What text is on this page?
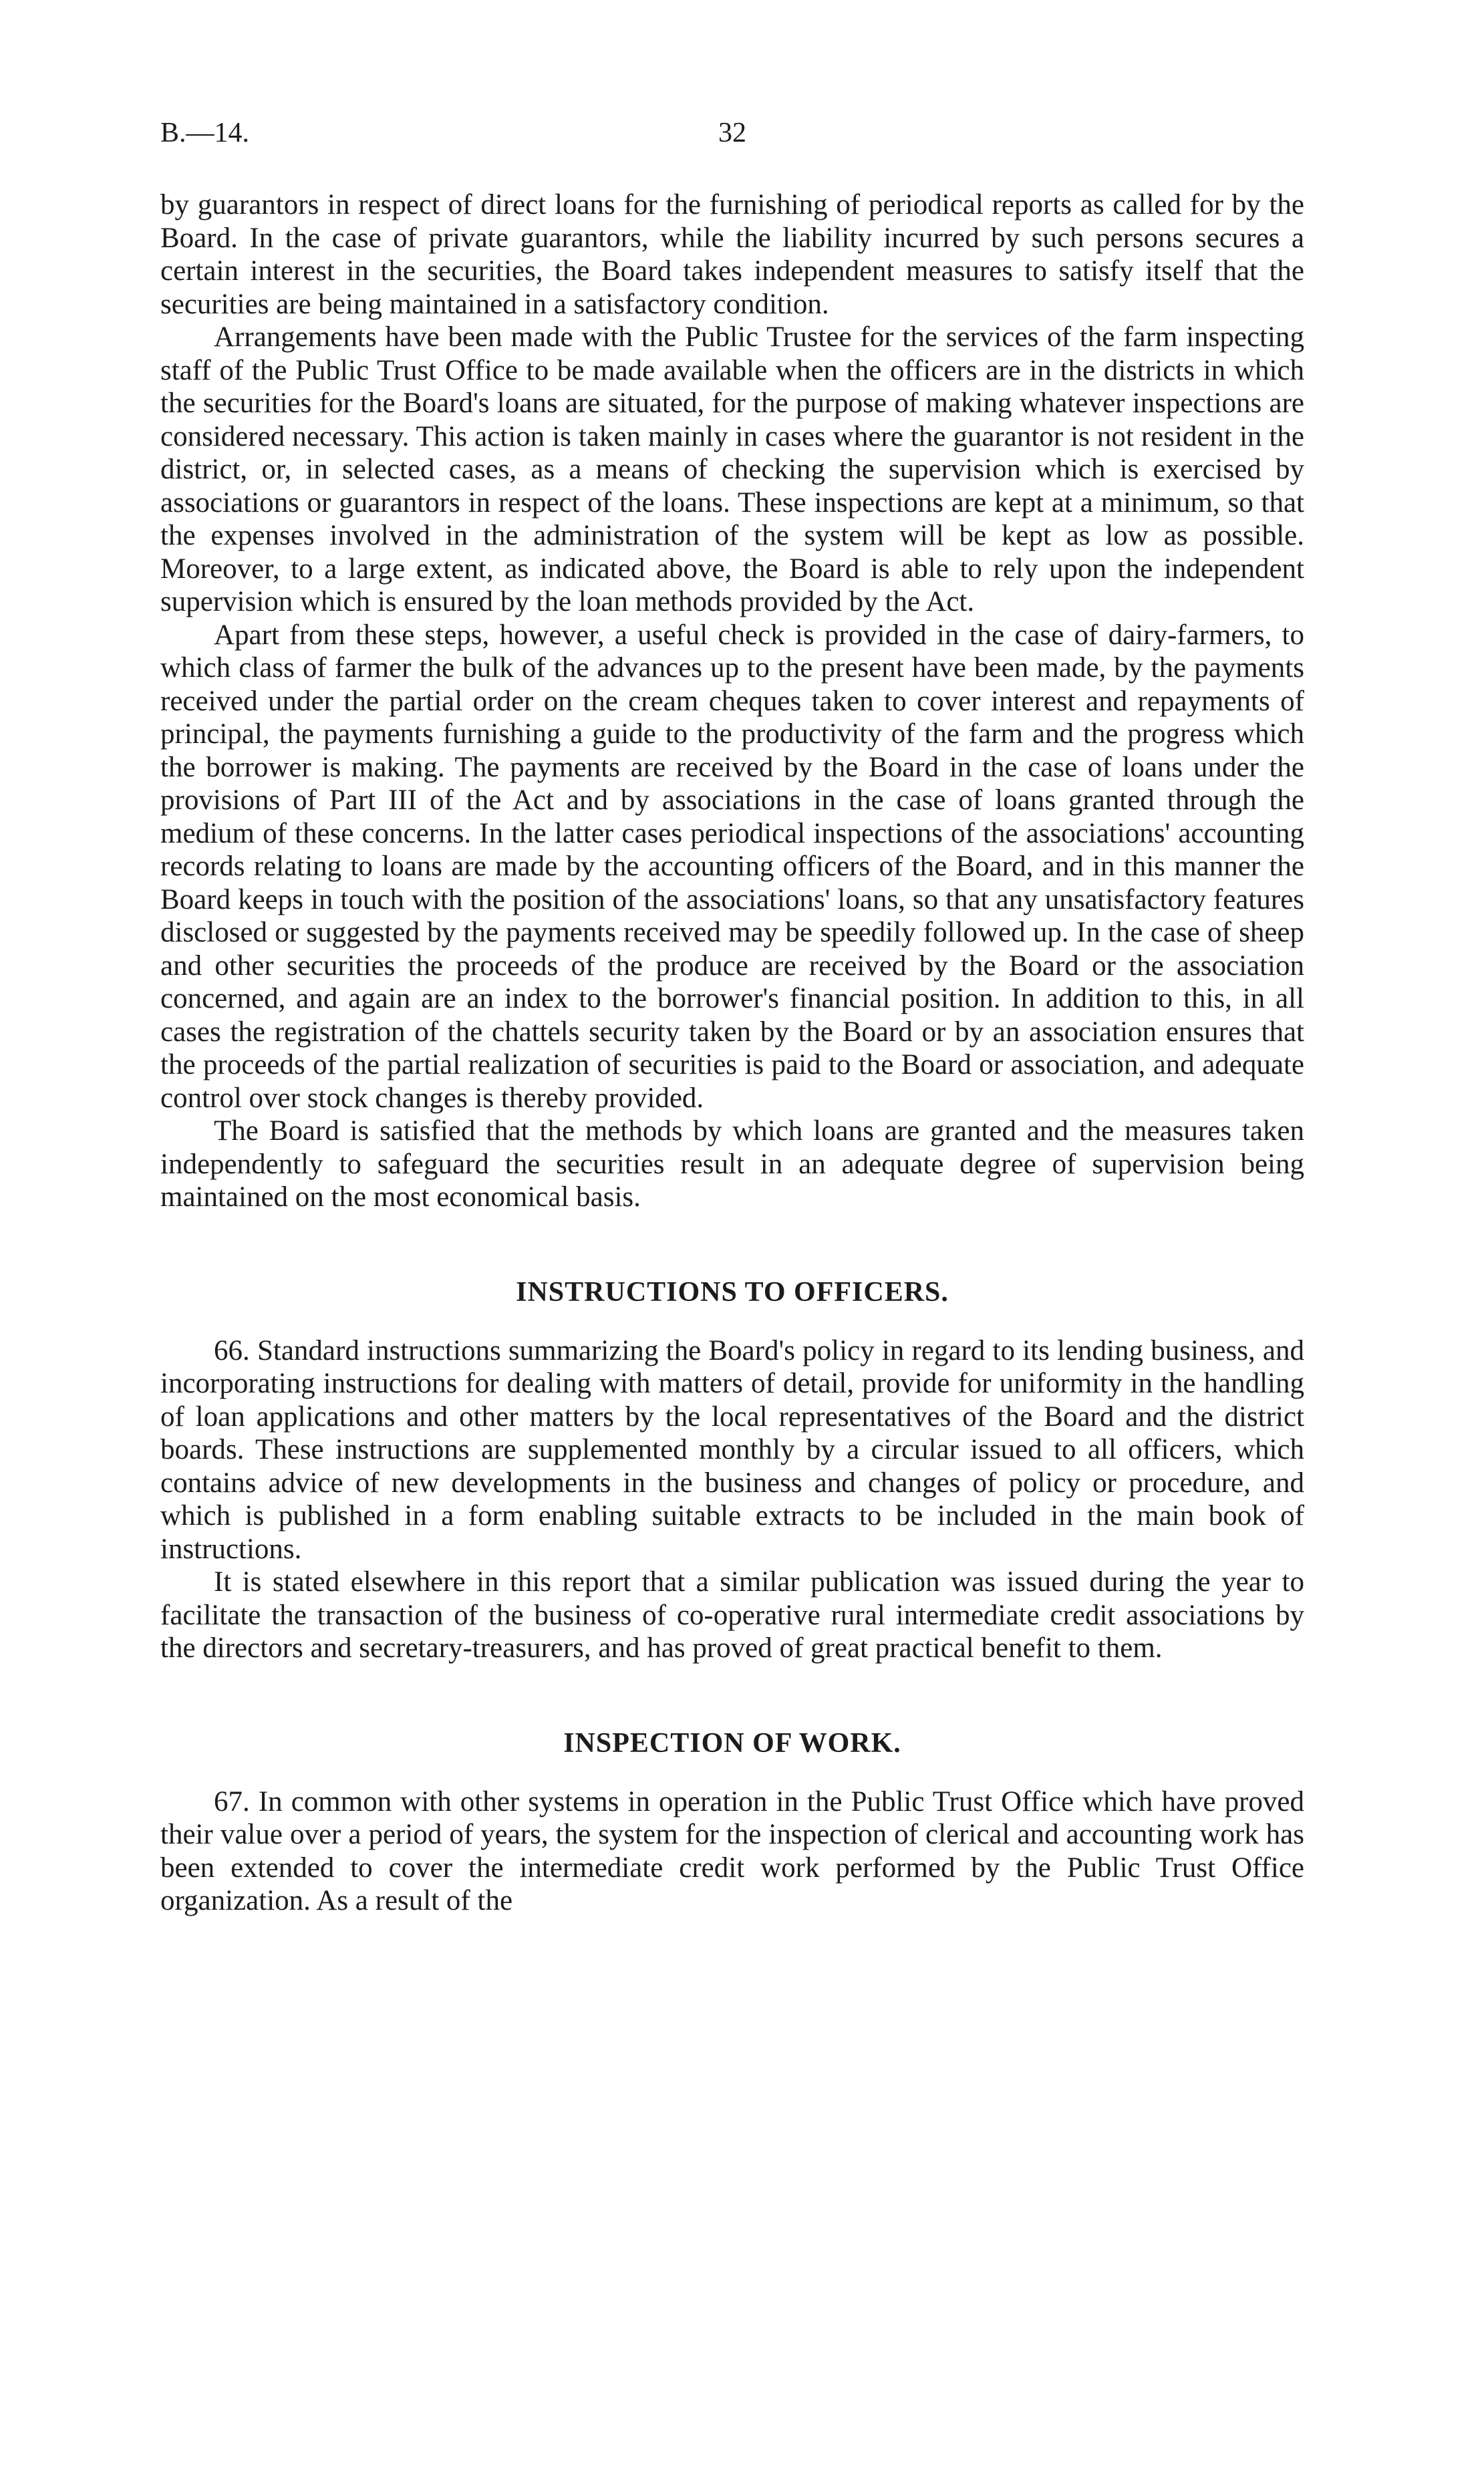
B.—14.	32

by guarantors in respect of direct loans for the furnishing of periodical reports as called for by the Board. In the case of private guarantors, while the liability incurred by such persons secures a certain interest in the securities, the Board takes independent measures to satisfy itself that the securities are being maintained in a satisfactory condition.

Arrangements have been made with the Public Trustee for the services of the farm inspecting staff of the Public Trust Office to be made available when the officers are in the districts in which the securities for the Board's loans are situated, for the purpose of making whatever inspections are considered necessary. This action is taken mainly in cases where the guarantor is not resident in the district, or, in selected cases, as a means of checking the supervision which is exercised by associations or guarantors in respect of the loans. These inspections are kept at a minimum, so that the expenses involved in the administration of the system will be kept as low as possible. Moreover, to a large extent, as indicated above, the Board is able to rely upon the independent supervision which is ensured by the loan methods provided by the Act.

Apart from these steps, however, a useful check is provided in the case of dairy-farmers, to which class of farmer the bulk of the advances up to the present have been made, by the payments received under the partial order on the cream cheques taken to cover interest and repayments of principal, the payments furnishing a guide to the productivity of the farm and the progress which the borrower is making. The payments are received by the Board in the case of loans under the provisions of Part III of the Act and by associations in the case of loans granted through the medium of these concerns. In the latter cases periodical inspections of the associations' accounting records relating to loans are made by the accounting officers of the Board, and in this manner the Board keeps in touch with the position of the associations' loans, so that any unsatisfactory features disclosed or suggested by the payments received may be speedily followed up. In the case of sheep and other securities the proceeds of the produce are received by the Board or the association concerned, and again are an index to the borrower's financial position. In addition to this, in all cases the registration of the chattels security taken by the Board or by an association ensures that the proceeds of the partial realization of securities is paid to the Board or association, and adequate control over stock changes is thereby provided.

The Board is satisfied that the methods by which loans are granted and the measures taken independently to safeguard the securities result in an adequate degree of supervision being maintained on the most economical basis.

INSTRUCTIONS TO OFFICERS.

66. Standard instructions summarizing the Board's policy in regard to its lending business, and incorporating instructions for dealing with matters of detail, provide for uniformity in the handling of loan applications and other matters by the local representatives of the Board and the district boards. These instructions are supplemented monthly by a circular issued to all officers, which contains advice of new developments in the business and changes of policy or procedure, and which is published in a form enabling suitable extracts to be included in the main book of instructions.

It is stated elsewhere in this report that a similar publication was issued during the year to facilitate the transaction of the business of co-operative rural intermediate credit associations by the directors and secretary-treasurers, and has proved of great practical benefit to them.

INSPECTION OF WORK.

67. In common with other systems in operation in the Public Trust Office which have proved their value over a period of years, the system for the inspection of clerical and accounting work has been extended to cover the intermediate credit work performed by the Public Trust Office organization. As a result of the
